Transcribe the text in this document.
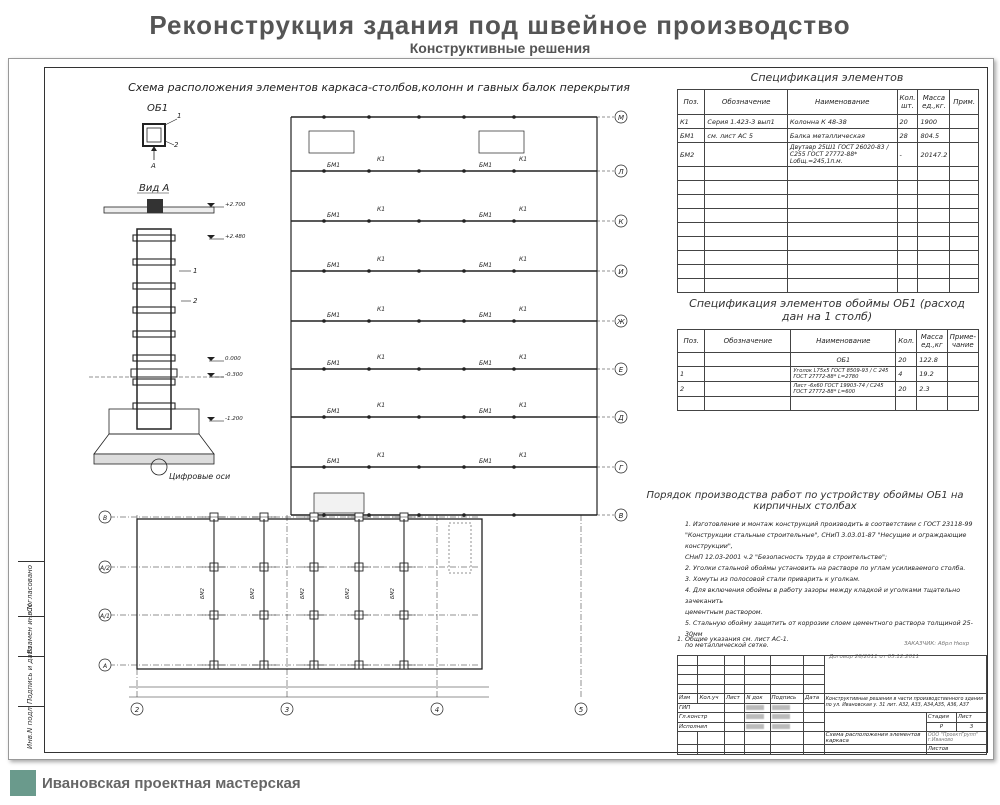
Реконструкция здания под швейное производство
Конструктивные решения
Согласовано
Взамен инв.N
Подпись и дата
Инв.N подл.
Схема расположения элементов каркаса-столбов,колонн и гавных балок перекрытия
М
Л
БМ1	БМ1
К1	К1
К
БМ1	БМ1
К1	К1
И
БМ1	БМ1
К1	К1
Ж
БМ1	БМ1
К1	К1
Е
БМ1	БМ1
К1	К1
Д
БМ1	БМ1
К1	К1
Г
БМ1	БМ1
К1	К1
В
В
А/2
А/1
А
2	3	4	5
БМ2	БМ2	БМ2	БМ2	БМ2
ОБ1
1
2
А
Вид А
+2.700
+2.480
0.000
-0.300
-1.200
1
2
Цифровые оси
Спецификация элементов
Поз.	Обозначение	Наименование	Кол. шт.	Масса ед.,кг.	Прим.
К1	Серия 1.423-3 вып1	Колонна К 48-38	20	1900	
БМ1	см. лист АС 5	Балка металлическая	28	804.5	
БМ2		Двутавр 25Ш1 ГОСТ 26020-83 / С255 ГОСТ 27772-88* Lобщ.=245,1п.м.	-	20147.2	

Спецификация элементов обоймы ОБ1 (расход дан на 1 столб)
Поз.	Обозначение	Наименование	Кол.	Масса ед.,кг	Приме-чание
		ОБ1	20	122.8	
1		Уголок L75x5 ГОСТ 8509-93 / С 245 ГОСТ 27772-88* L=2780	4	19.2	
2		Лист -6x60 ГОСТ 19903-74 / С245 ГОСТ 27772-88* L=600	20	2.3	

Порядок производства работ по устройству обоймы ОБ1 на кирпичных столбах
1. Изготовление и монтаж конструкций производить в соответствии с ГОСТ 23118-99
"Конструкции стальные строительные", СНиП 3.03.01-87 "Несущие и ограждающие конструкции",
СНиП 12.03-2001 ч.2 "Безопасность труда в строительстве";
2. Уголки стальной обоймы установить на растворе по углам усиливаемого столба.
3. Хомуты из полосовой стали приварить к уголкам.
4. Для включения обоймы в работу зазоры между кладкой и уголками тщательно зачеканить
цементным раствором.
5. Стальную обойму защитить от коррозии слоем цементного раствора толщиной 25-30мм
по металлической сетке.
1. Общие указания см. лист АС-1.
ЗАКАЗЧИК: Абрл Нюхр
Договор 26/2011 от 05.12.2011

Изм	Кол.уч	Лист	N док	Подпись	Дата	Конструктивные решения в части производственного здания по ул. Ивановская у. 31 лит. А32, А33, А34,А35, А36, А37		
ГИП								
Гл.констр							Стадия	Лист
Исполнил							Р	3
						Схема расположения элементов каркаса	ООО "ПроектГрупп" г.Иваново	
							Листов	
Ивановская проектная мастерская
